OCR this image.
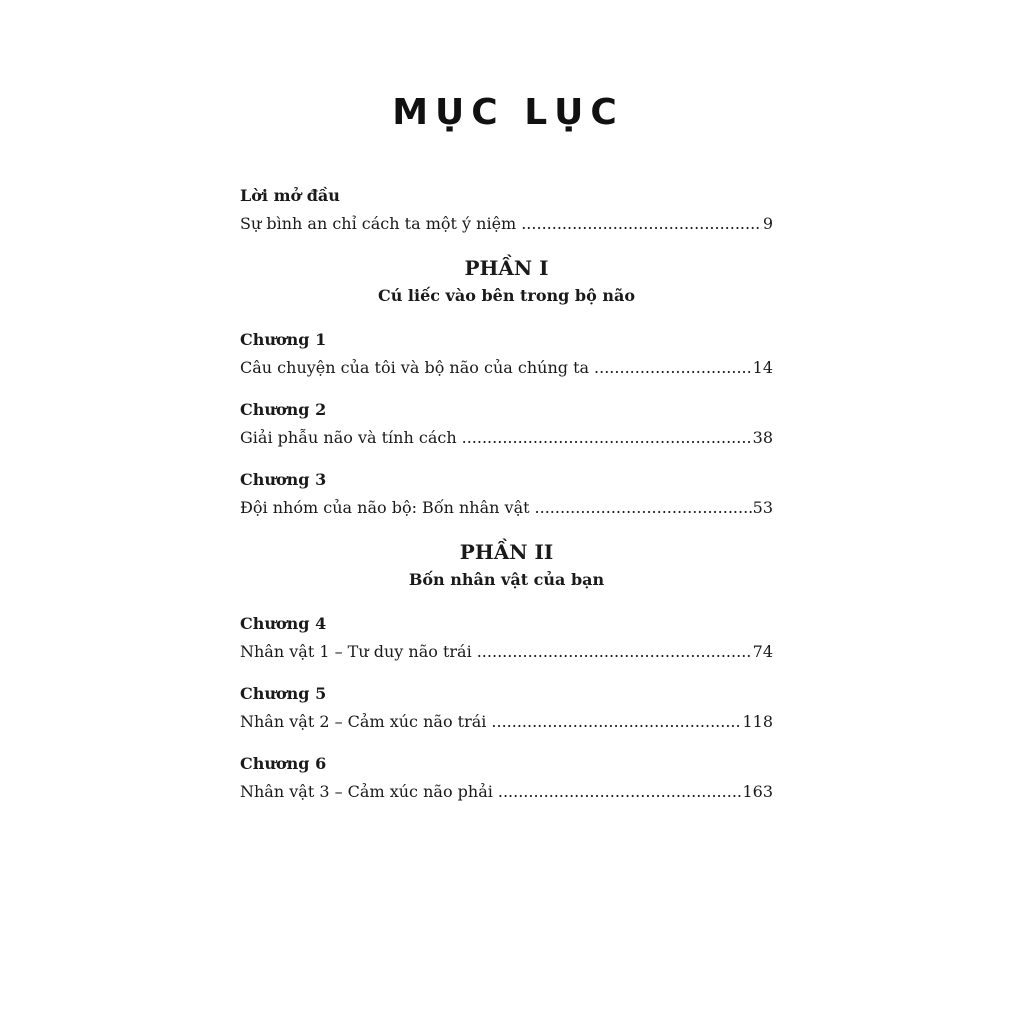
MỤC LỤC
Lời mở đầu
Sự bình an chỉ cách ta một ý niệm .....	9
PHẦN I
Cú liếc vào bên trong bộ não
Chương 1
Câu chuyện của tôi và bộ não của chúng ta .....	14
Chương 2
Giải phẫu não và tính cách .....	38
Chương 3
Đội nhóm của não bộ: Bốn nhân vật .....	53
PHẦN II
Bốn nhân vật của bạn
Chương 4
Nhân vật 1 – Tư duy não trái .....	74
Chương 5
Nhân vật 2 – Cảm xúc não trái .....	118
Chương 6
Nhân vật 3 – Cảm xúc não phải .....	163
